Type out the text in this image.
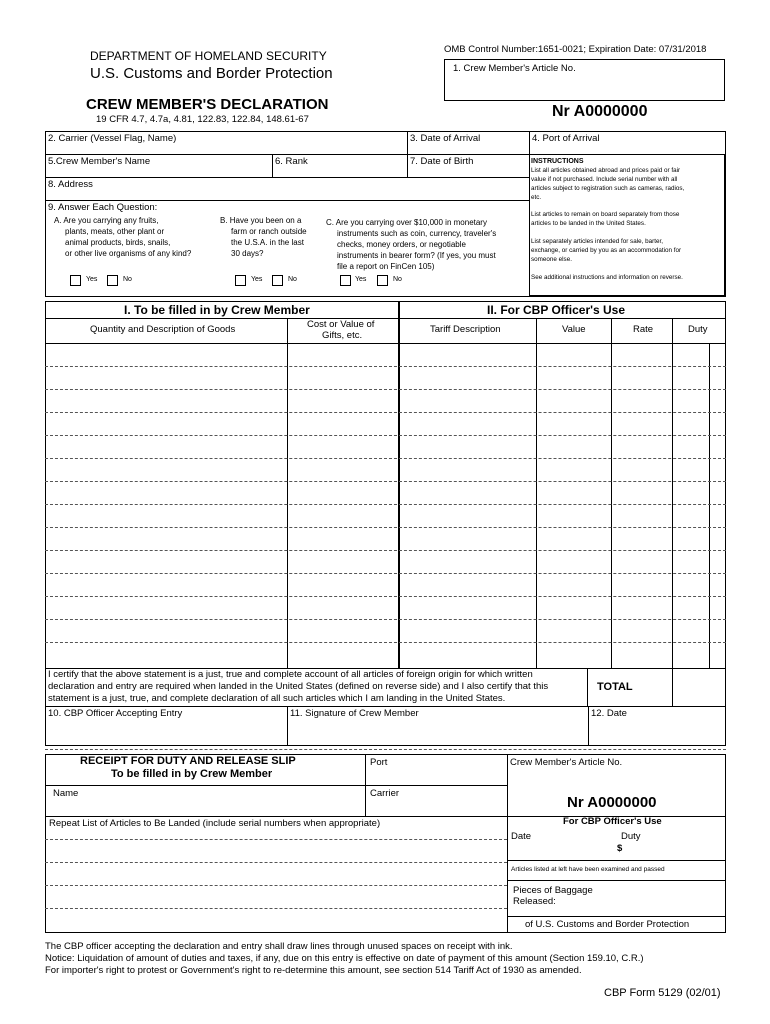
DEPARTMENT OF HOMELAND SECURITY
U.S. Customs and Border Protection
OMB Control Number:1651-0021; Expiration Date: 07/31/2018
1. Crew Member's Article No.
CREW MEMBER'S DECLARATION
19 CFR 4.7, 4.7a, 4.81, 122.83, 122.84, 148.61-67	Nr A0000000
2. Carrier (Vessel Flag, Name)	3. Date of Arrival	4. Port of Arrival
5.Crew Member's Name	6. Rank	7. Date of Birth
8. Address
9. Answer Each Question:
A. Are you carrying any fruits,
plants, meats, other plant or
animal products, birds, snails,
or other live organisms of any kind?
Yes	No
B. Have you been on a
farm or ranch outside
the U.S.A. in the last
30 days?
Yes	No
C. Are you carrying over $10,000 in monetary
instruments such as coin, currency, traveler's
checks, money orders, or negotiable
instruments in bearer form? (If yes, you must
file a report on FinCen 105)
Yes	No
INSTRUCTIONS
List all articles obtained abroad and prices paid or fair
value if not purchased. Include serial number with all
articles subject to registration such as cameras, radios,
etc.
List articles to remain on board separately from those
articles to be landed in the United States.
List separately articles intended for sale, barter,
exchange, or carried by you as an accommodation for
someone else.
See additional instructions and information on reverse.
I. To be filled in by Crew Member	II. For CBP Officer's Use
Quantity and Description of Goods	Cost or Value of
Gifts, etc.
Tariff Description	Value	Rate	Duty
I certify that the above statement is a just, true and complete account of all articles of foreign origin for which written
declaration and entry are required when landed in the United States (defined on reverse side) and I also certify that this
statement is a just, true, and complete declaration of all such articles which I am landing in the United States.
TOTAL
10. CBP Officer Accepting Entry	11. Signature of Crew Member	12. Date
RECEIPT FOR DUTY AND RELEASE SLIP
To be filled in by Crew Member
Port	Crew Member's Article No.
Name	Carrier
Nr A0000000
Repeat List of Articles to Be Landed (include serial numbers when appropriate)	For CBP Officer's Use
Date	Duty
$
Articles listed at left have been examined and passed
Pieces of Baggage
Released:
of U.S. Customs and Border Protection
The CBP officer accepting the declaration and entry shall draw lines through unused spaces on receipt with ink.
Notice: Liquidation of amount of duties and taxes, if any, due on this entry is effective on date of payment of this amount (Section 159.10, C.R.)
For importer's right to protest or Government's right to re-determine this amount, see section 514 Tariff Act of 1930 as amended.
CBP Form 5129 (02/01)
